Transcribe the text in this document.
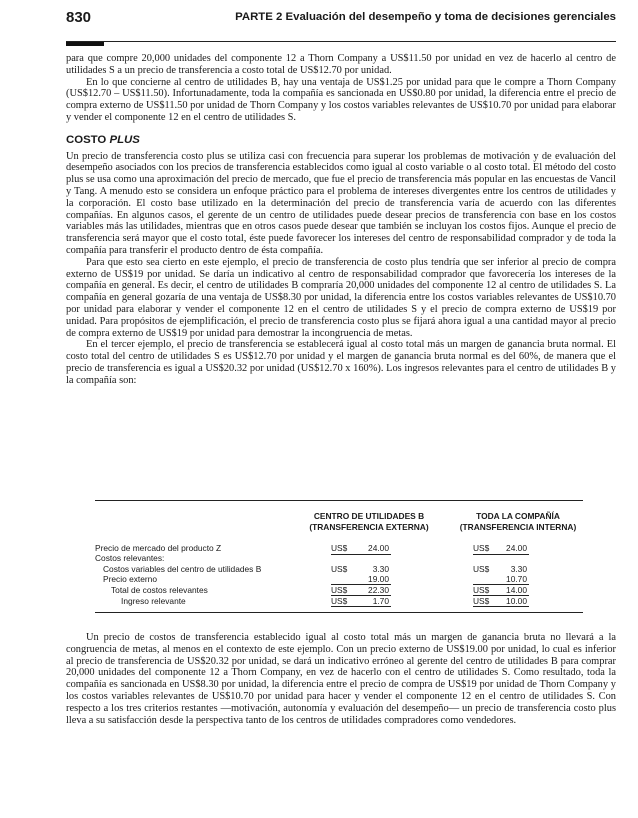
830	PARTE 2 Evaluación del desempeño y toma de decisiones gerenciales

para que compre 20,000 unidades del componente 12 a Thorn Company a US$11.50 por unidad en vez de hacerlo al centro de utilidades S a un precio de transferencia a costo total de US$12.70 por unidad.

En lo que concierne al centro de utilidades B, hay una ventaja de US$1.25 por unidad para que le compre a Thorn Company (US$12.70 – US$11.50). Infortunadamente, toda la compañía es sancionada en US$0.80 por unidad, la diferencia entre el precio de compra externo de US$11.50 por unidad de Thorn Company y los costos variables relevantes de US$10.70 por unidad para elaborar y vender el componente 12 en el centro de utilidades S.

COSTO PLUS

Un precio de transferencia costo plus se utiliza casi con frecuencia para superar los problemas de motivación y de evaluación del desempeño asociados con los precios de transferencia establecidos como igual al costo variable o al costo total. El método del costo plus se usa como una aproximación del precio de mercado, que fue el precio de transferencia más popular en las encuestas de Vancil y Tang. A menudo esto se considera un enfoque práctico para el problema de intereses divergentes entre los centros de utilidades y la corporación. El costo base utilizado en la determinación del precio de transferencia varía de acuerdo con las diferentes compañías. En algunos casos, el gerente de un centro de utilidades puede desear precios de transferencia con base en los costos variables más las utilidades, mientras que en otros casos puede desear que también se incluyan los costos fijos. Aunque el precio de transferencia será mayor que el costo total, éste puede favorecer los intereses del centro de responsabilidad comprador y de toda la compañía para transferir el producto dentro de ésta compañía.

Para que esto sea cierto en este ejemplo, el precio de transferencia de costo plus tendría que ser inferior al precio de compra externo de US$19 por unidad. Se daría un indicativo al centro de responsabilidad comprador que favorecería los intereses de la compañía en general. Es decir, el centro de utilidades B compraría 20,000 unidades del componente 12 al centro de utilidades S. La compañía en general gozaría de una ventaja de US$8.30 por unidad, la diferencia entre los costos variables relevantes de US$10.70 por unidad para elaborar y vender el componente 12 en el centro de utilidades S y el precio de compra externo de US$19 por unidad. Para propósitos de ejemplificación, el precio de transferencia costo plus se fijará ahora igual a una cantidad mayor al precio de compra externo de US$19 por unidad para demostrar la incongruencia de metas.

En el tercer ejemplo, el precio de transferencia se establecerá igual al costo total más un margen de ganancia bruta normal. El costo total del centro de utilidades S es US$12.70 por unidad y el margen de ganancia bruta normal es del 60%, de manera que el precio de transferencia es igual a US$20.32 por unidad (US$12.70 x 160%). Los ingresos relevantes para el centro de utilidades B y la compañía son:

CENTRO DE UTILIDADES B
(TRANSFERENCIA EXTERNA)
TODA LA COMPAÑÍA
(TRANSFERENCIA INTERNA)
Precio de mercado del producto Z	US$	24.00	US$	24.00
Costos relevantes:
Costos variables del centro de utilidades B	US$	3.30	US$	3.30
Precio externo	19.00	10.70
Total de costos relevantes	US$	22.30	US$	14.00
Ingreso relevante	US$	1.70	US$	10.00

Un precio de costos de transferencia establecido igual al costo total más un margen de ganancia bruta no llevará a la congruencia de metas, al menos en el contexto de este ejemplo. Con un precio externo de US$19.00 por unidad, lo cual es inferior al precio de transferencia de US$20.32 por unidad, se dará un indicativo erróneo al gerente del centro de utilidades B para comprar 20,000 unidades del componente 12 a Thorn Company, en vez de hacerlo con el centro de utilidades S. Como resultado, toda la compañía es sancionada en US$8.30 por unidad, la diferencia entre el precio de compra de US$19 por unidad de Thorn Company y los costos variables relevantes de US$10.70 por unidad para hacer y vender el componente 12 en el centro de utilidades S. Con respecto a los tres criterios restantes —motivación, autonomía y evaluación del desempeño— un precio de transferencia costo plus lleva a su satisfacción desde la perspectiva tanto de los centros de utilidades compradores como vendedores.
